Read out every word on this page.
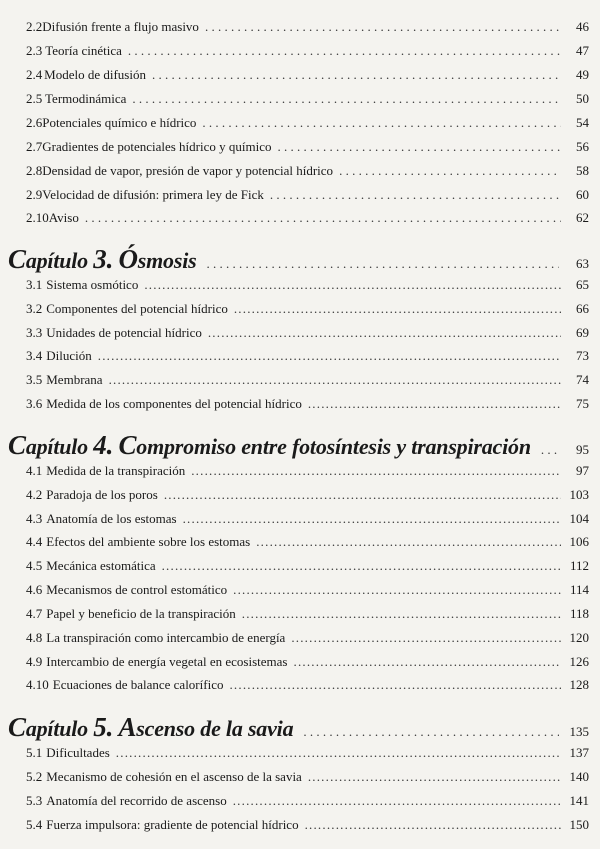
2.2 Difusión frente a flujo masivo . . .	46
2.3 Teoría cinética . . .	47
2.4 Modelo de difusión . . .	49
2.5 Termodinámica . . .	50
2.6 Potenciales químico e hídrico . . .	54
2.7 Gradientes de potenciales hídrico y químico . . .	56
2.8 Densidad de vapor, presión de vapor y potencial hídrico . . .	58
2.9 Velocidad de difusión: primera ley de Fick . . .	60
2.10 Aviso . . .	62
Capítulo 3. Ósmosis . . .	63
3.1 Sistema osmótico .....	65
3.2 Componentes del potencial hídrico .....	66
3.3 Unidades de potencial hídrico .....	69
3.4 Dilución .....	73
3.5 Membrana .....	74
3.6 Medida de los componentes del potencial hídrico .....	75
Capítulo 4. Compromiso entre fotosíntesis y transpiración . . .	95
4.1 Medida de la transpiración .....	97
4.2 Paradoja de los poros .....	103
4.3 Anatomía de los estomas .....	104
4.4 Efectos del ambiente sobre los estomas .....	106
4.5 Mecánica estomática .....	112
4.6 Mecanismos de control estomático .....	114
4.7 Papel y beneficio de la transpiración .....	118
4.8 La transpiración como intercambio de energía .....	120
4.9 Intercambio de energía vegetal en ecosistemas .....	126
4.10 Ecuaciones de balance calorífico .....	128
Capítulo 5. Ascenso de la savia . . .	135
5.1 Dificultades .....	137
5.2 Mecanismo de cohesión en el ascenso de la savia .....	140
5.3 Anatomía del recorrido de ascenso .....	141
5.4 Fuerza impulsora: gradiente de potencial hídrico .....	150
